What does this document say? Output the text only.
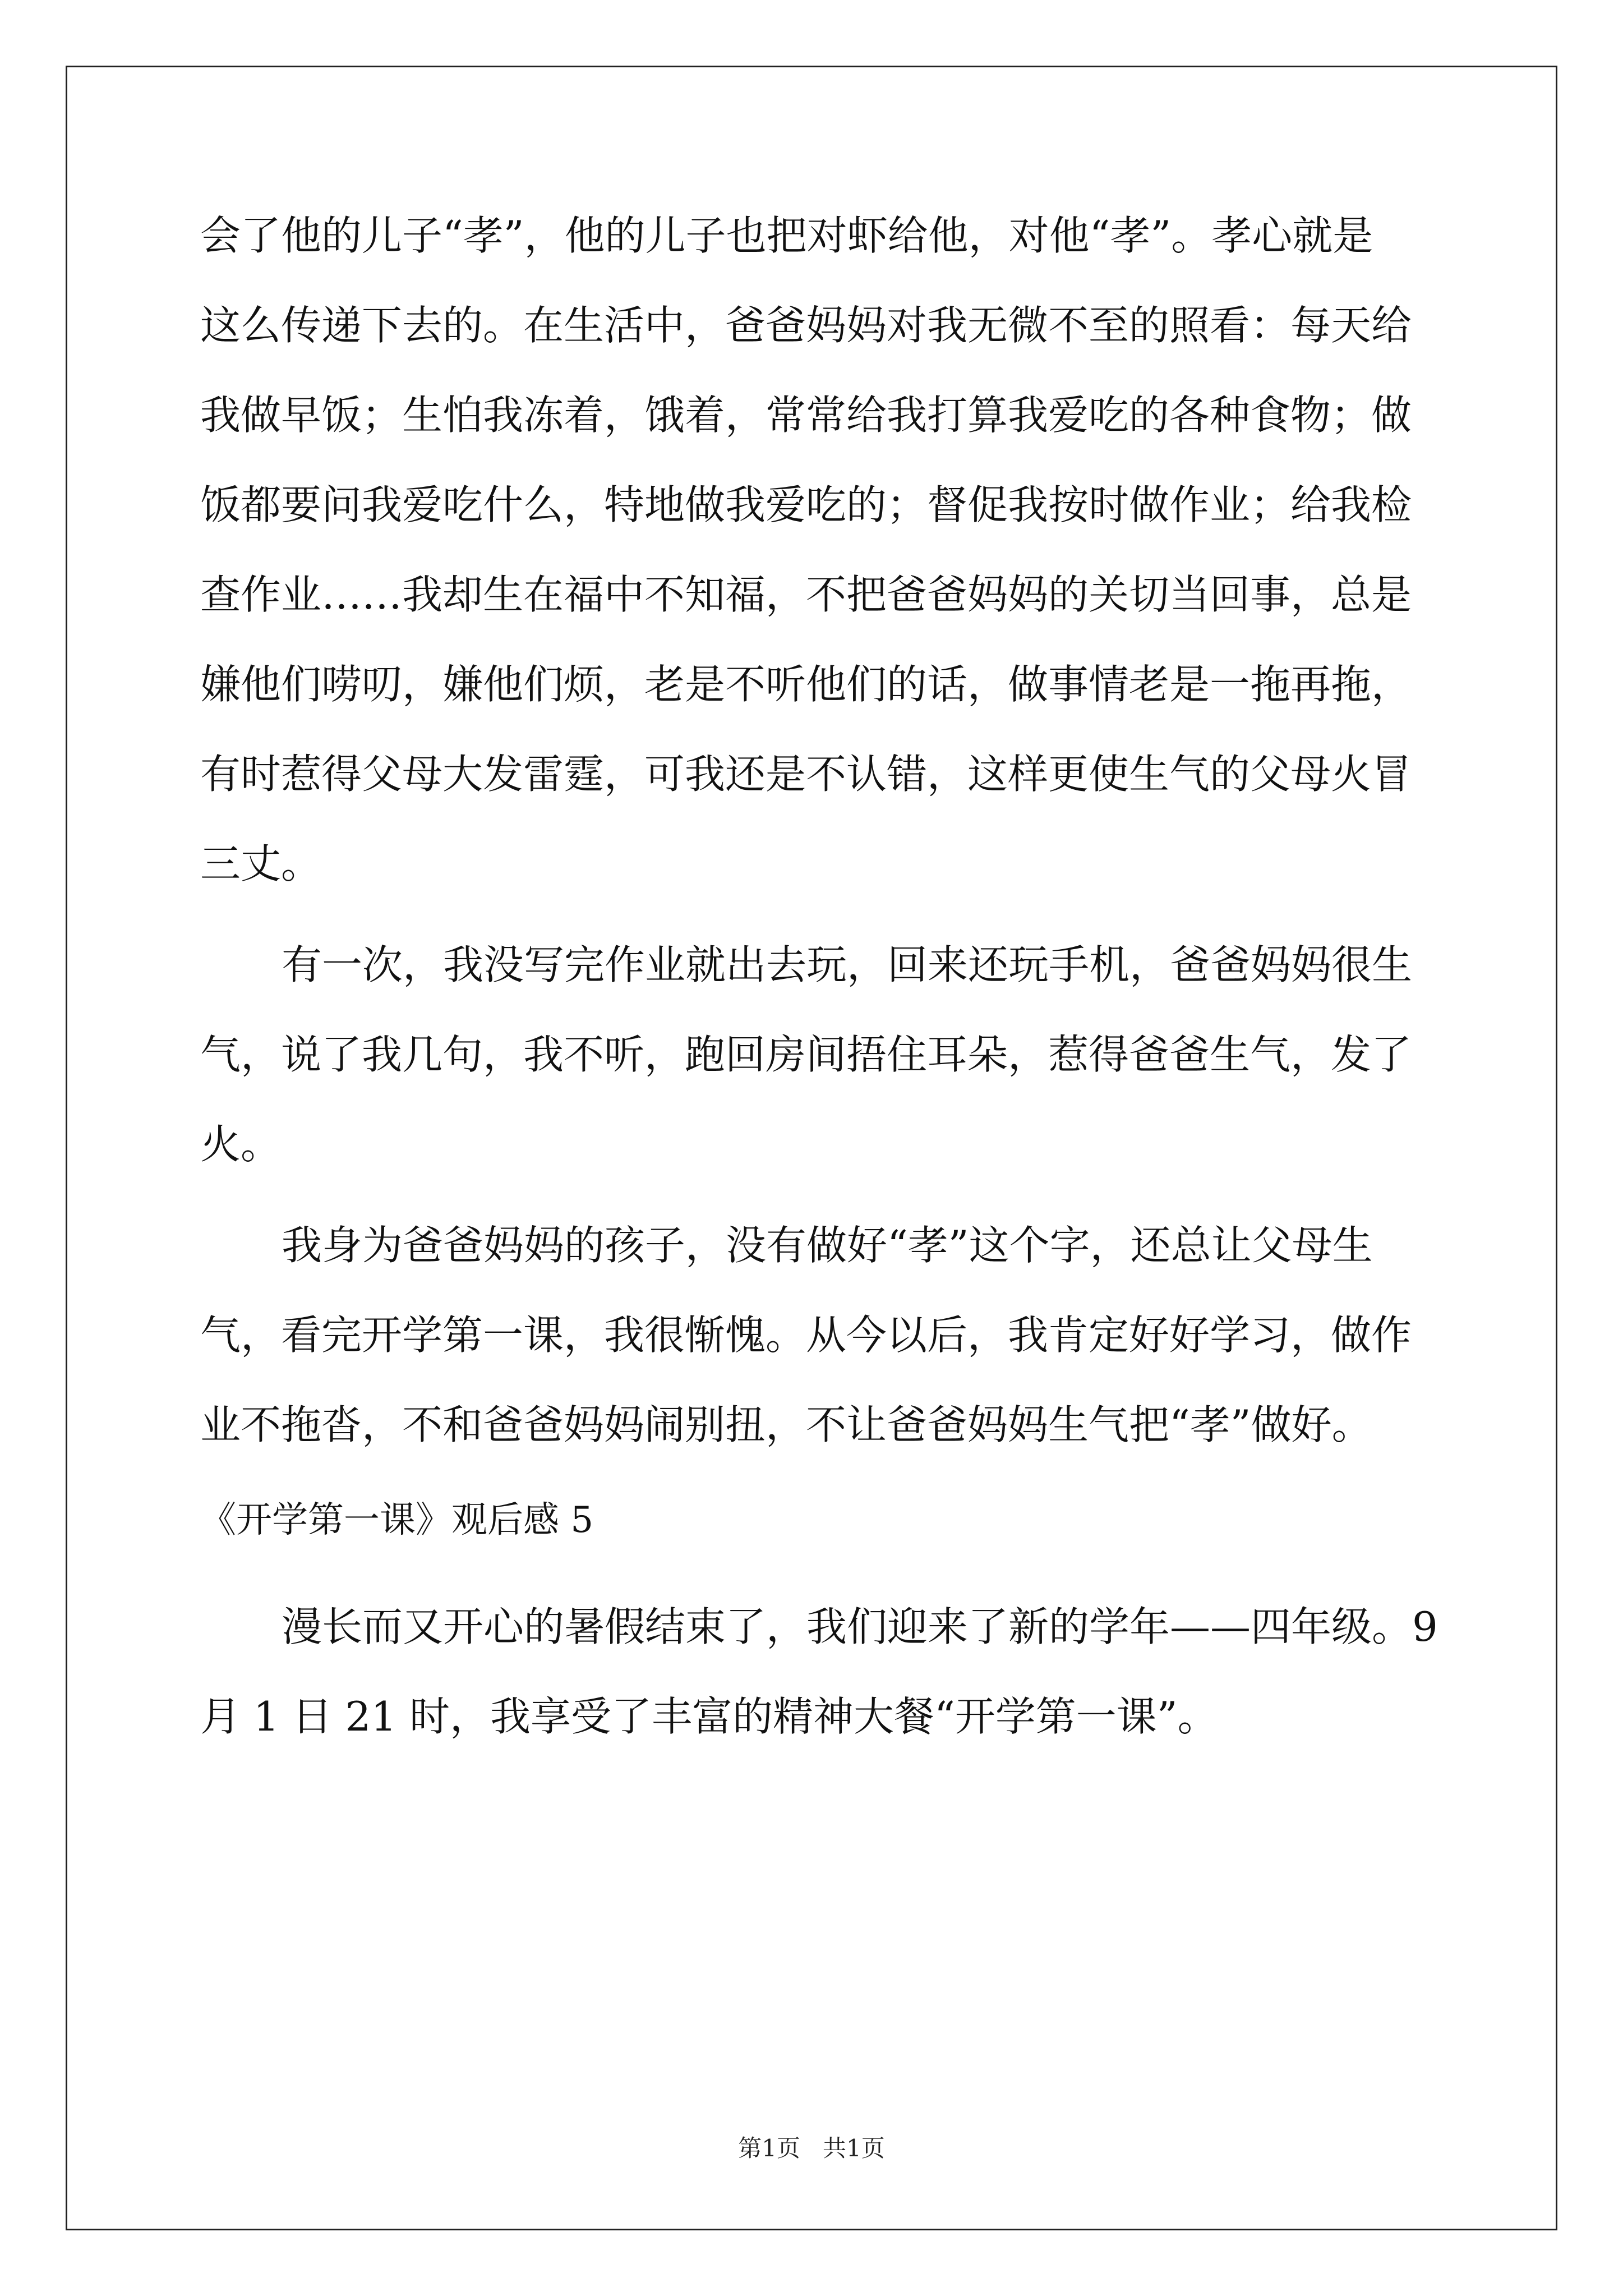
会了他的儿子“孝”，他的儿子也把对虾给他，对他“孝”。孝心就是
这么传递下去的。在生活中，爸爸妈妈对我无微不至的照看：每天给
我做早饭；生怕我冻着，饿着，常常给我打算我爱吃的各种食物；做
饭都要问我爱吃什么，特地做我爱吃的；督促我按时做作业；给我检
查作业……我却生在福中不知福，不把爸爸妈妈的关切当回事，总是
嫌他们唠叨，嫌他们烦，老是不听他们的话，做事情老是一拖再拖，
有时惹得父母大发雷霆，可我还是不认错，这样更使生气的父母火冒
三丈。
有一次，我没写完作业就出去玩，回来还玩手机，爸爸妈妈很生
气，说了我几句，我不听，跑回房间捂住耳朵，惹得爸爸生气，发了
火。
我身为爸爸妈妈的孩子，没有做好“孝”这个字，还总让父母生
气，看完开学第一课，我很惭愧。从今以后，我肯定好好学习，做作
业不拖沓，不和爸爸妈妈闹别扭，不让爸爸妈妈生气把“孝”做好。
《开学第一课》观后感 5
漫长而又开心的暑假结束了，我们迎来了新的学年——四年级。9
月 1 日 21 时，我享受了丰富的精神大餐“开学第一课”。
第1页   共1页
